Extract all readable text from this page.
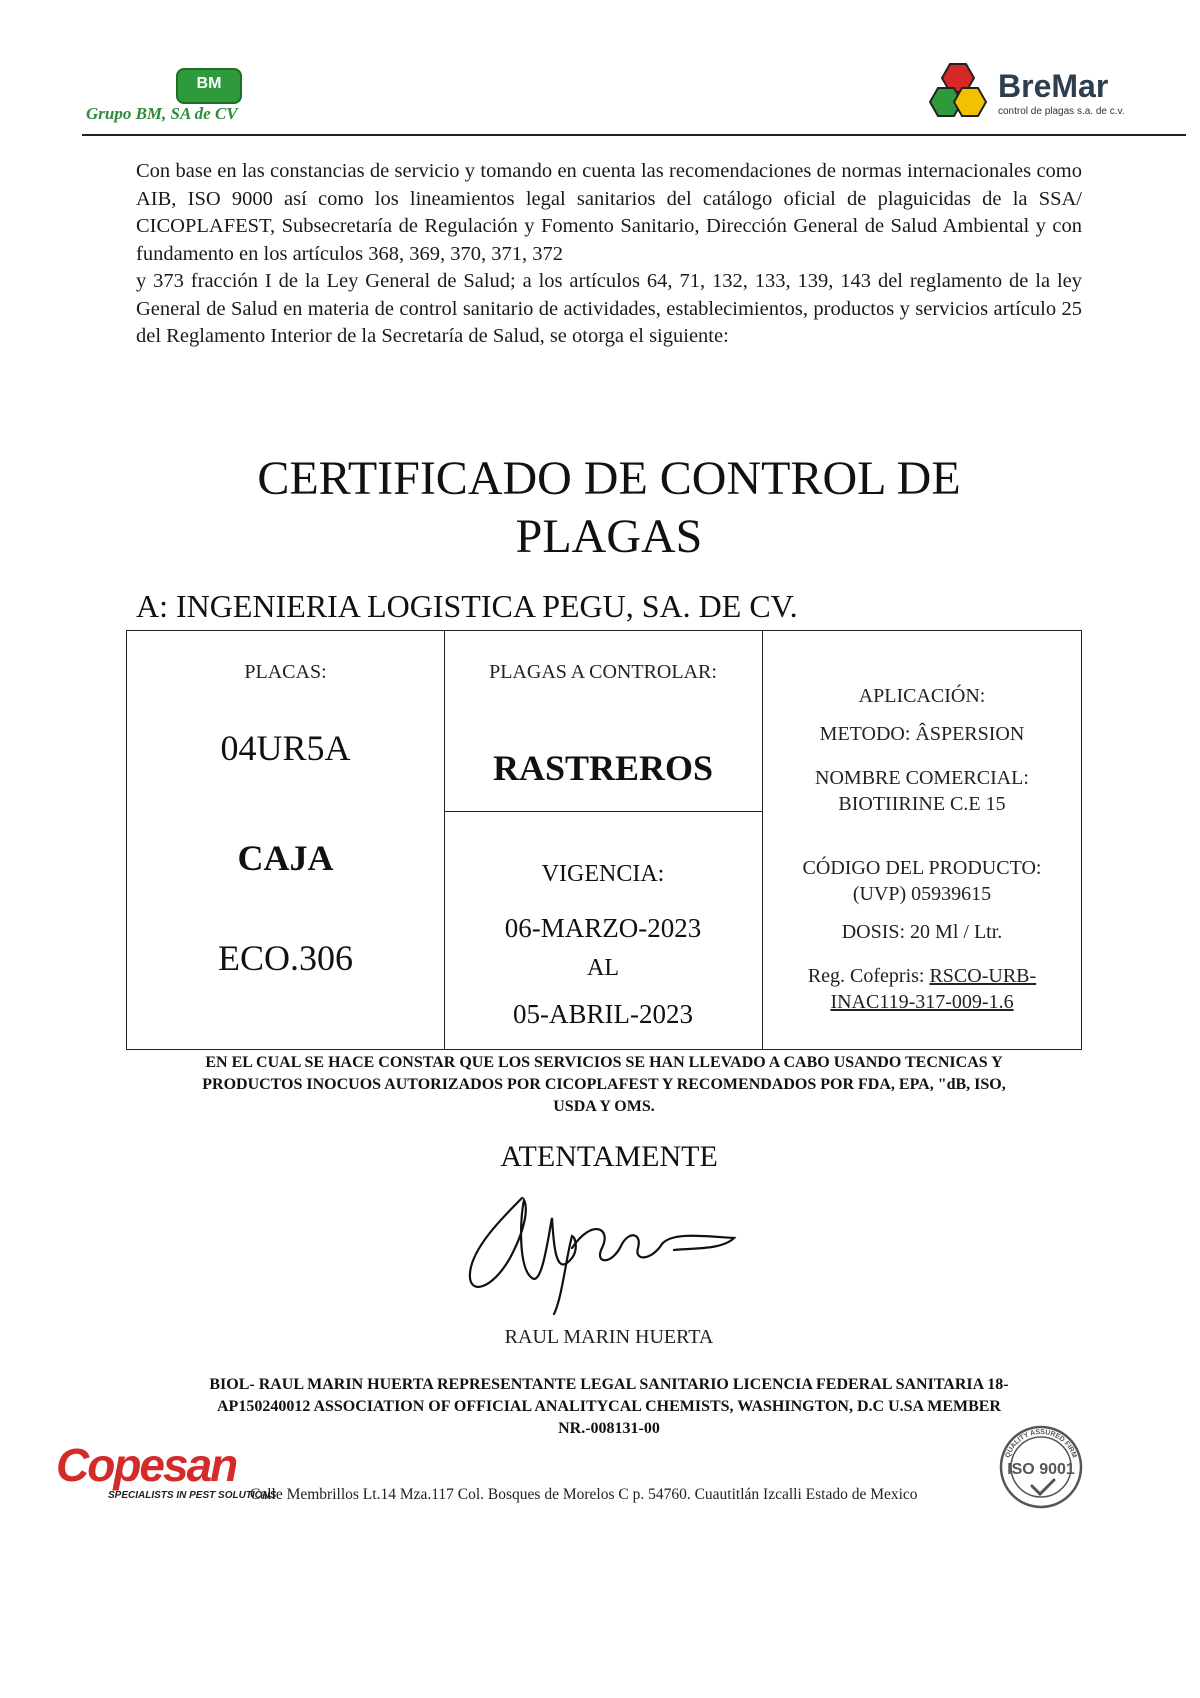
BM
Grupo BM, SA de CV
BreMar
control de plagas s.a. de c.v.

Con base en las constancias de servicio y tomando en cuenta las recomendaciones de normas internacionales como AIB, ISO 9000 así como los lineamientos legal sanitarios del catálogo oficial de plaguicidas de la SSA/ CICOPLAFEST, Subsecretaría de Regulación y Fomento Sanitario, Dirección General de Salud Ambiental y con fundamento en los artículos 368, 369, 370, 371, 372

y 373 fracción I de la Ley General de Salud; a los artículos 64, 71, 132, 133, 139, 143 del reglamento de la ley General de Salud en materia de control sanitario de actividades, establecimientos, productos y servicios artículo 25 del Reglamento Interior de la Secretaría de Salud, se otorga el siguiente:

CERTIFICADO DE CONTROL DE
PLAGAS
A: INGENIERIA LOGISTICA PEGU, SA. DE CV.
PLACAS:
04UR5A
CAJA
ECO.306
PLAGAS A CONTROLAR:
RASTREROS
VIGENCIA:
06-MARZO-2023
AL
05-ABRIL-2023
APLICACIÓN:
METODO: ÂSPERSION
NOMBRE COMERCIAL:
BIOTIIRINE C.E 15
CÓDIGO DEL PRODUCTO:
(UVP) 05939615
DOSIS: 20 Ml / Ltr.
Reg. Cofepris: RSCO-URB-
INAC119-317-009-1.6
EN EL CUAL SE HACE CONSTAR QUE LOS SERVICIOS SE HAN LLEVADO A CABO USANDO TECNICAS Y
PRODUCTOS INOCUOS AUTORIZADOS POR CICOPLAFEST Y RECOMENDADOS POR FDA, EPA, "dB, ISO,
USDA Y OMS.
ATENTAMENTE
RAUL MARIN HUERTA
BIOL- RAUL MARIN HUERTA REPRESENTANTE LEGAL SANITARIO LICENCIA FEDERAL SANITARIA 18-
AP150240012 ASSOCIATION OF OFFICIAL ANALITYCAL CHEMISTS, WASHINGTON, D.C U.SA MEMBER
NR.-008131-00
Copesan
SPECIALISTS IN PEST SOLUTIONS
Calle Membrillos Lt.14 Mza.117 Col. Bosques de Morelos C p. 54760. Cuautitlán Izcalli Estado de Mexico
QUALITY ASSURED FIRM
ISO 9001
